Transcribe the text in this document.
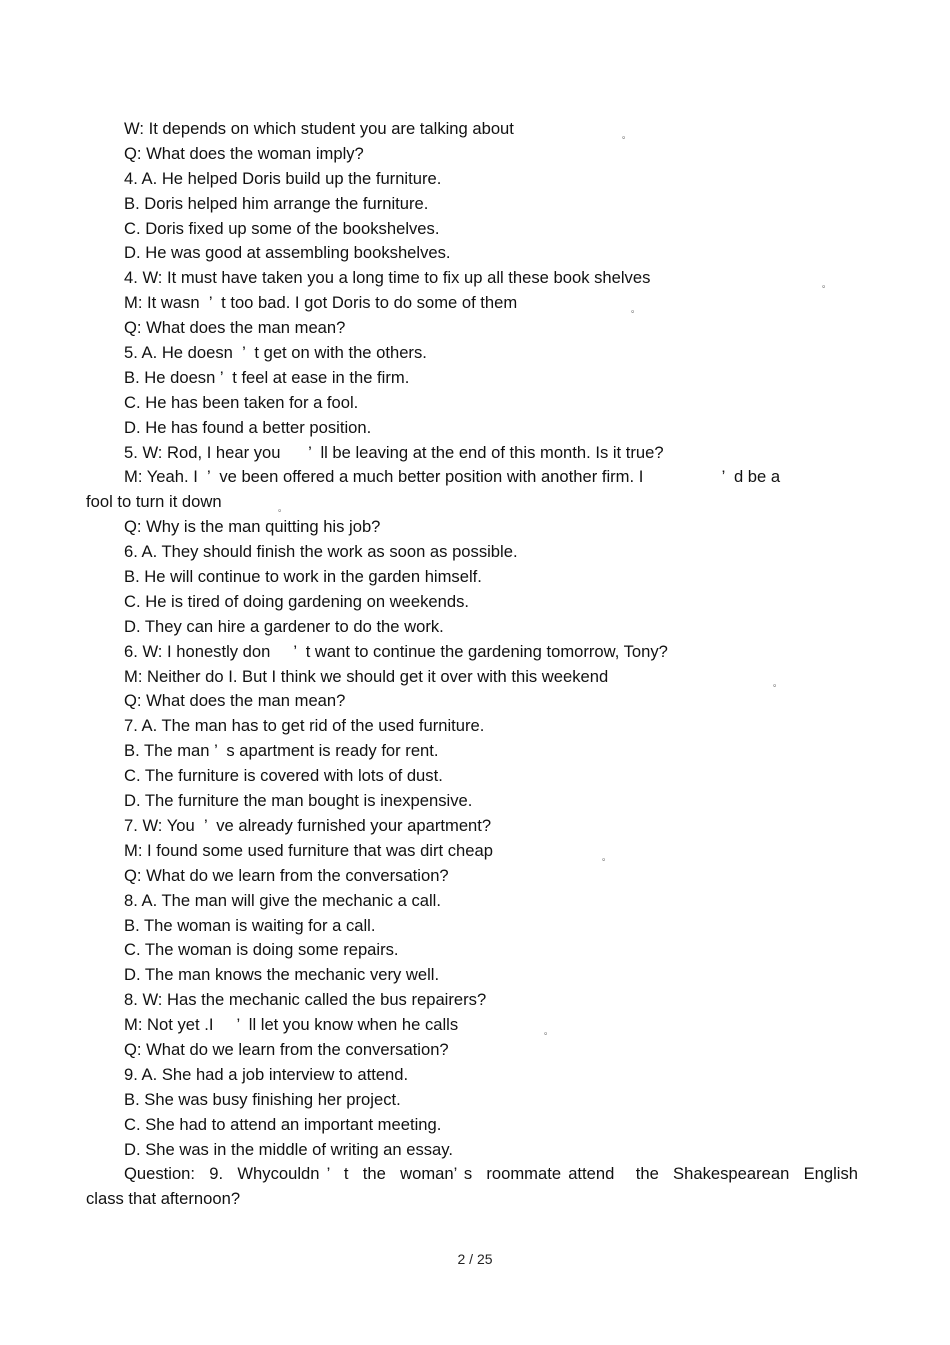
W: It depends on which student you are talking about	。
Q: What does the woman imply?
4. A. He helped Doris build up the furniture.
B. Doris helped him arrange the furniture.
C. Doris fixed up some of the bookshelves.
D. He was good at assembling bookshelves.
4. W: It must have taken you a long time to fix up all these book shelves	。
M: It wasn  ’  t too bad. I got Doris to do some of them	。
Q: What does the man mean?
5. A. He doesn  ’  t get on with the others.
B. He doesn ’  t feel at ease in the firm.
C. He has been taken for a fool.
D. He has found a better position.
5. W: Rod, I hear you      ’  ll be leaving at the end of this month. Is it true?
M: Yeah. I  ’  ve been offered a much better position with another firm. I                 ’  d be a
fool to turn it down	。
Q: Why is the man quitting his job?
6. A. They should finish the work as soon as possible.
B. He will continue to work in the garden himself.
C. He is tired of doing gardening on weekends.
D. They can hire a gardener to do the work.
6. W: I honestly don     ’  t want to continue the gardening tomorrow, Tony?
M: Neither do I. But I think we should get it over with this weekend	。
Q: What does the man mean?
7. A. The man has to get rid of the used furniture.
B. The man ’  s apartment is ready for rent.
C. The furniture is covered with lots of dust.
D. The furniture the man bought is inexpensive.
7. W: You  ’  ve already furnished your apartment?
M: I found some used furniture that was dirt cheap	。
Q: What do we learn from the conversation?
8. A. The man will give the mechanic a call.
B. The woman is waiting for a call.
C. The woman is doing some repairs.
D. The man knows the mechanic very well.
8. W: Has the mechanic called the bus repairers?
M: Not yet .I     ’  ll let you know when he calls	。
Q: What do we learn from the conversation?
9. A. She had a job interview to attend.
B. She was busy finishing her project.
C. She had to attend an important meeting.
D. She was in the middle of writing an essay.
Question:  9.  Whycouldn ’  t  the  woman’ s  roommate attend   the  Shakespearean  English
class that afternoon?
2 / 25
